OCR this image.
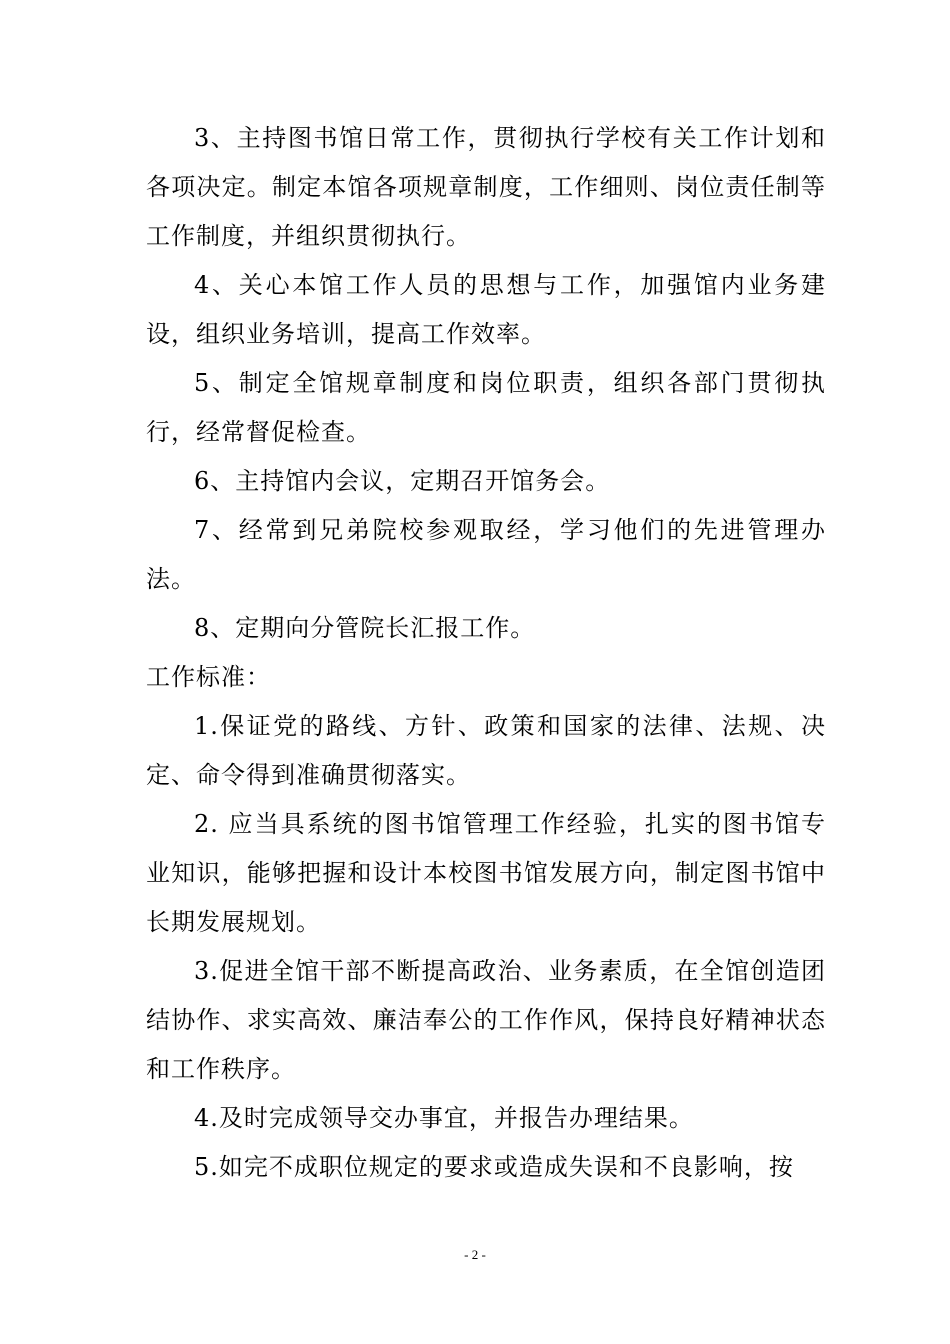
3、主持图书馆日常工作，贯彻执行学校有关工作计划和各项决定。制定本馆各项规章制度，工作细则、岗位责任制等工作制度，并组织贯彻执行。

4、关心本馆工作人员的思想与工作，加强馆内业务建设，组织业务培训，提高工作效率。

5、制定全馆规章制度和岗位职责，组织各部门贯彻执行，经常督促检查。

6、主持馆内会议，定期召开馆务会。

7、经常到兄弟院校参观取经，学习他们的先进管理办法。

8、定期向分管院长汇报工作。

工作标准：

1.保证党的路线、方针、政策和国家的法律、法规、决定、命令得到准确贯彻落实。

2. 应当具系统的图书馆管理工作经验，扎实的图书馆专业知识，能够把握和设计本校图书馆发展方向，制定图书馆中长期发展规划。

3.促进全馆干部不断提高政治、业务素质，在全馆创造团结协作、求实高效、廉洁奉公的工作作风，保持良好精神状态和工作秩序。

4.及时完成领导交办事宜，并报告办理结果。

5.如完不成职位规定的要求或造成失误和不良影响，按

- 2 -
